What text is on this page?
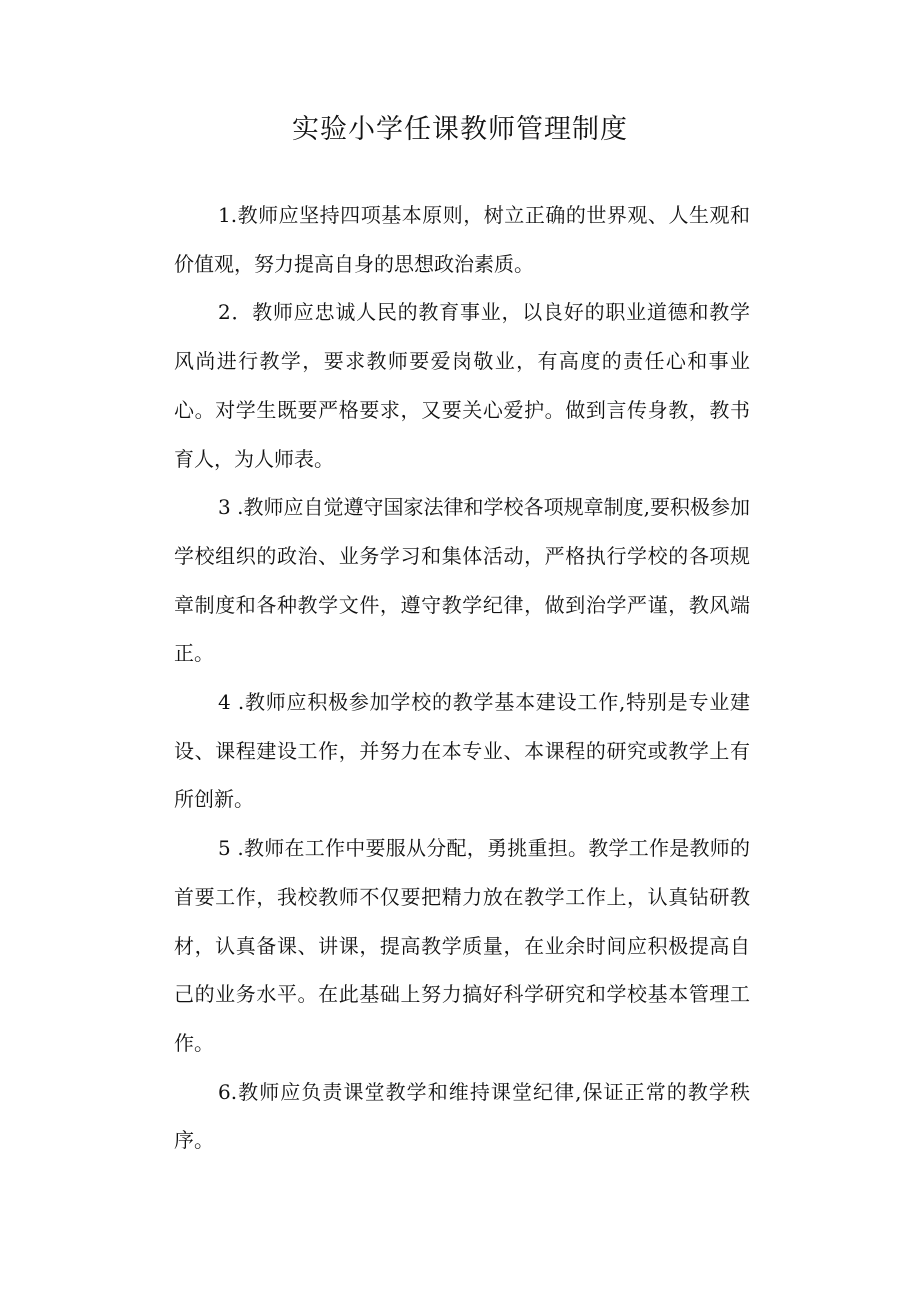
实验小学任课教师管理制度

1.教师应坚持四项基本原则，树立正确的世界观、人生观和价值观，努力提高自身的思想政治素质。

2．教师应忠诚人民的教育事业，以良好的职业道德和教学风尚进行教学，要求教师要爱岗敬业，有高度的责任心和事业心。对学生既要严格要求，又要关心爱护。做到言传身教，教书育人，为人师表。

3 .教师应自觉遵守国家法律和学校各项规章制度,要积极参加学校组织的政治、业务学习和集体活动，严格执行学校的各项规章制度和各种教学文件，遵守教学纪律，做到治学严谨，教风端正。

4 .教师应积极参加学校的教学基本建设工作,特别是专业建设、课程建设工作，并努力在本专业、本课程的研究或教学上有所创新。

5 .教师在工作中要服从分配，勇挑重担。教学工作是教师的首要工作，我校教师不仅要把精力放在教学工作上，认真钻研教材，认真备课、讲课，提高教学质量，在业余时间应积极提高自己的业务水平。在此基础上努力搞好科学研究和学校基本管理工作。

6.教师应负责课堂教学和维持课堂纪律,保证正常的教学秩序。
